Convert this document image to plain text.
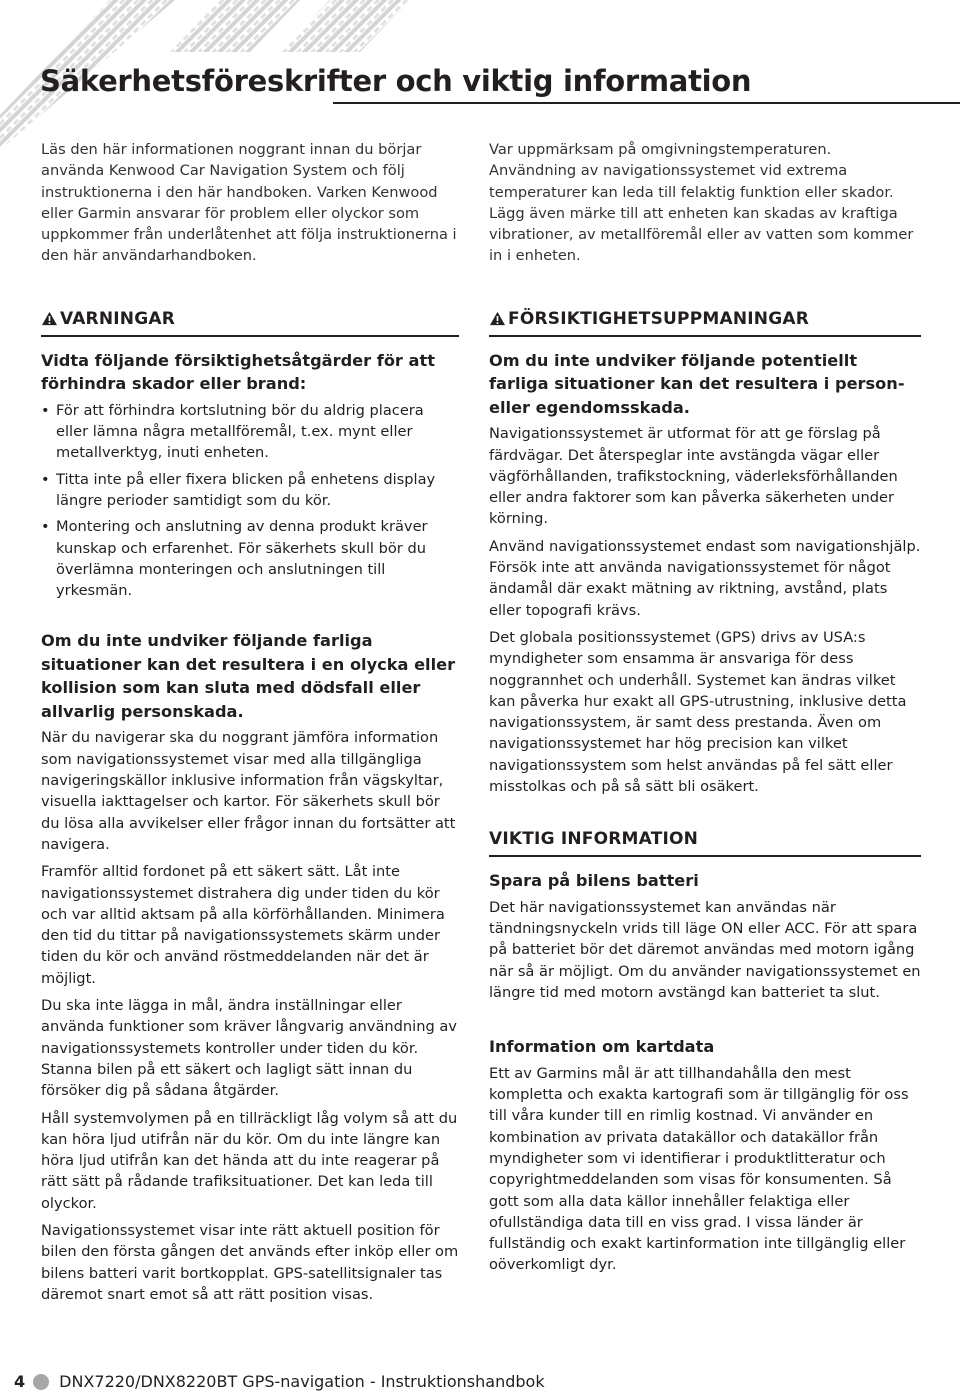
Säkerhetsföreskrifter och viktig information

Läs den här informationen noggrant innan du börjar använda Kenwood Car Navigation System och följ instruktionerna i den här handboken. Varken Kenwood eller Garmin ansvarar för problem eller olyckor som uppkommer från underlåtenhet att följa instruktionerna i den här användarhandboken.

VARNINGAR
Vidta följande försiktighetsåtgärder för att förhindra skador eller brand:
• För att förhindra kortslutning bör du aldrig placera eller lämna några metallföremål, t.ex. mynt eller metallverktyg, inuti enheten.
• Titta inte på eller fixera blicken på enhetens display längre perioder samtidigt som du kör.
• Montering och anslutning av denna produkt kräver kunskap och erfarenhet. För säkerhets skull bör du överlämna monteringen och anslutningen till yrkesmän.
Om du inte undviker följande farliga situationer kan det resultera i en olycka eller kollision som kan sluta med dödsfall eller allvarlig personskada.

När du navigerar ska du noggrant jämföra information som navigationssystemet visar med alla tillgängliga navigeringskällor inklusive information från vägskyltar, visuella iakttagelser och kartor. För säkerhets skull bör du lösa alla avvikelser eller frågor innan du fortsätter att navigera.

Framför alltid fordonet på ett säkert sätt. Låt inte navigationssystemet distrahera dig under tiden du kör och var alltid aktsam på alla körförhållanden. Minimera den tid du tittar på navigationssystemets skärm under tiden du kör och använd röstmeddelanden när det är möjligt.

Du ska inte lägga in mål, ändra inställningar eller använda funktioner som kräver långvarig användning av navigationssystemets kontroller under tiden du kör. Stanna bilen på ett säkert och lagligt sätt innan du försöker dig på sådana åtgärder.

Håll systemvolymen på en tillräckligt låg volym så att du kan höra ljud utifrån när du kör. Om du inte längre kan höra ljud utifrån kan det hända att du inte reagerar på rätt sätt på rådande trafiksituationer. Det kan leda till olyckor.

Navigationssystemet visar inte rätt aktuell position för bilen den första gången det används efter inköp eller om bilens batteri varit bortkopplat. GPS-satellitsignaler tas däremot snart emot så att rätt position visas.

Var uppmärksam på omgivningstemperaturen. Användning av navigationssystemet vid extrema temperaturer kan leda till felaktig funktion eller skador. Lägg även märke till att enheten kan skadas av kraftiga vibrationer, av metallföremål eller av vatten som kommer in i enheten.

FÖRSIKTIGHETSUPPMANINGAR
Om du inte undviker följande potentiellt farliga situationer kan det resultera i person- eller egendomsskada.

Navigationssystemet är utformat för att ge förslag på färdvägar. Det återspeglar inte avstängda vägar eller vägförhållanden, trafikstockning, väderleksförhållanden eller andra faktorer som kan påverka säkerheten under körning.

Använd navigationssystemet endast som navigationshjälp. Försök inte att använda navigationssystemet för något ändamål där exakt mätning av riktning, avstånd, plats eller topografi krävs.

Det globala positionssystemet (GPS) drivs av USA:s myndigheter som ensamma är ansvariga för dess noggrannhet och underhåll. Systemet kan ändras vilket kan påverka hur exakt all GPS-utrustning, inklusive detta navigationssystem, är samt dess prestanda. Även om navigationssystemet har hög precision kan vilket navigationssystem som helst användas på fel sätt eller misstolkas och på så sätt bli osäkert.

VIKTIG INFORMATION
Spara på bilens batteri

Det här navigationssystemet kan användas när tändningsnyckeln vrids till läge ON eller ACC. För att spara på batteriet bör det däremot användas med motorn igång när så är möjligt. Om du använder navigationssystemet en längre tid med motorn avstängd kan batteriet ta slut.

Information om kartdata

Ett av Garmins mål är att tillhandahålla den mest kompletta och exakta kartografi som är tillgänglig för oss till våra kunder till en rimlig kostnad. Vi använder en kombination av privata datakällor och datakällor från myndigheter som vi identifierar i produktlitteratur och copyrightmeddelanden som visas för konsumenten. Så gott som alla data källor innehåller felaktiga eller ofullständiga data till en viss grad. I vissa länder är fullständig och exakt kartinformation inte tillgänglig eller oöverkomligt dyr.

4 DNX7220/DNX8220BT GPS-navigation - Instruktionshandbok
